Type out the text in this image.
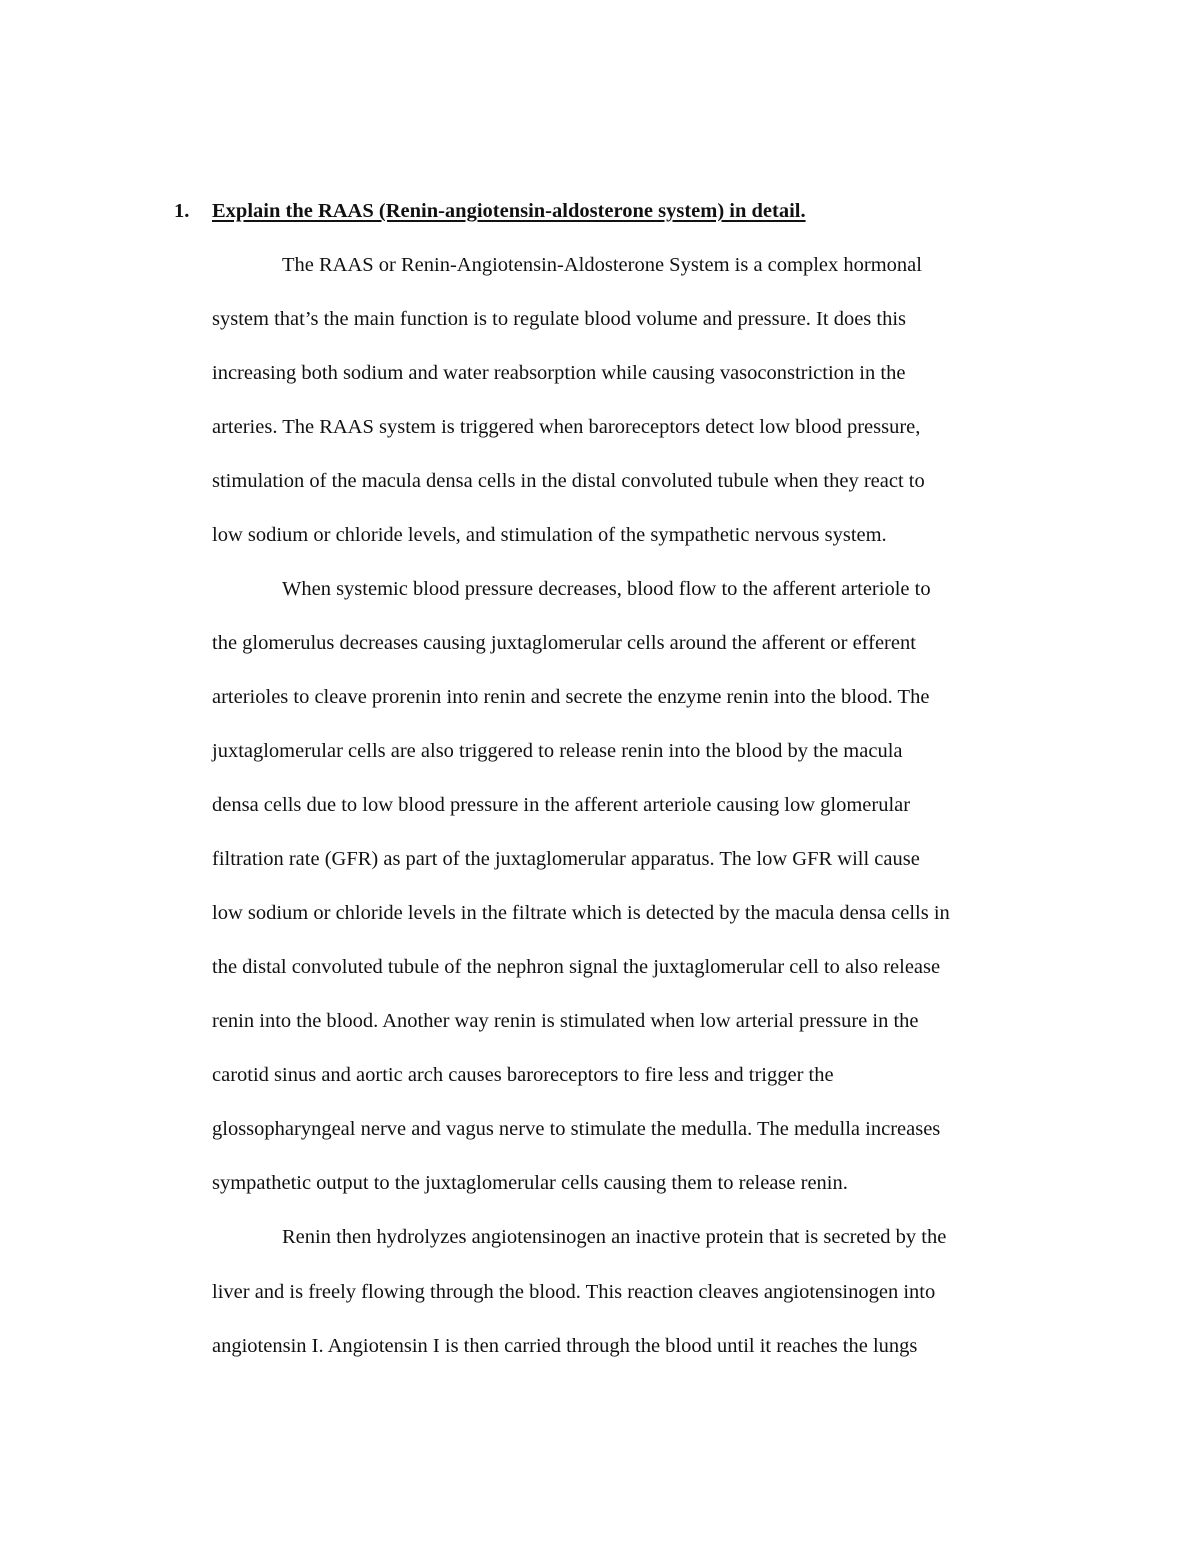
1. Explain the RAAS (Renin-angiotensin-aldosterone system) in detail.
The RAAS or Renin-Angiotensin-Aldosterone System is a complex hormonal
system that’s the main function is to regulate blood volume and pressure. It does this
increasing both sodium and water reabsorption while causing vasoconstriction in the
arteries. The RAAS system is triggered when baroreceptors detect low blood pressure,
stimulation of the macula densa cells in the distal convoluted tubule when they react to
low sodium or chloride levels, and stimulation of the sympathetic nervous system.
When systemic blood pressure decreases, blood flow to the afferent arteriole to
the glomerulus decreases causing juxtaglomerular cells around the afferent or efferent
arterioles to cleave prorenin into renin and secrete the enzyme renin into the blood. The
juxtaglomerular cells are also triggered to release renin into the blood by the macula
densa cells due to low blood pressure in the afferent arteriole causing low glomerular
filtration rate (GFR) as part of the juxtaglomerular apparatus. The low GFR will cause
low sodium or chloride levels in the filtrate which is detected by the macula densa cells in
the distal convoluted tubule of the nephron signal the juxtaglomerular cell to also release
renin into the blood. Another way renin is stimulated when low arterial pressure in the
carotid sinus and aortic arch causes baroreceptors to fire less and trigger the
glossopharyngeal nerve and vagus nerve to stimulate the medulla. The medulla increases
sympathetic output to the juxtaglomerular cells causing them to release renin.
Renin then hydrolyzes angiotensinogen an inactive protein that is secreted by the
liver and is freely flowing through the blood. This reaction cleaves angiotensinogen into
angiotensin I. Angiotensin I is then carried through the blood until it reaches the lungs
